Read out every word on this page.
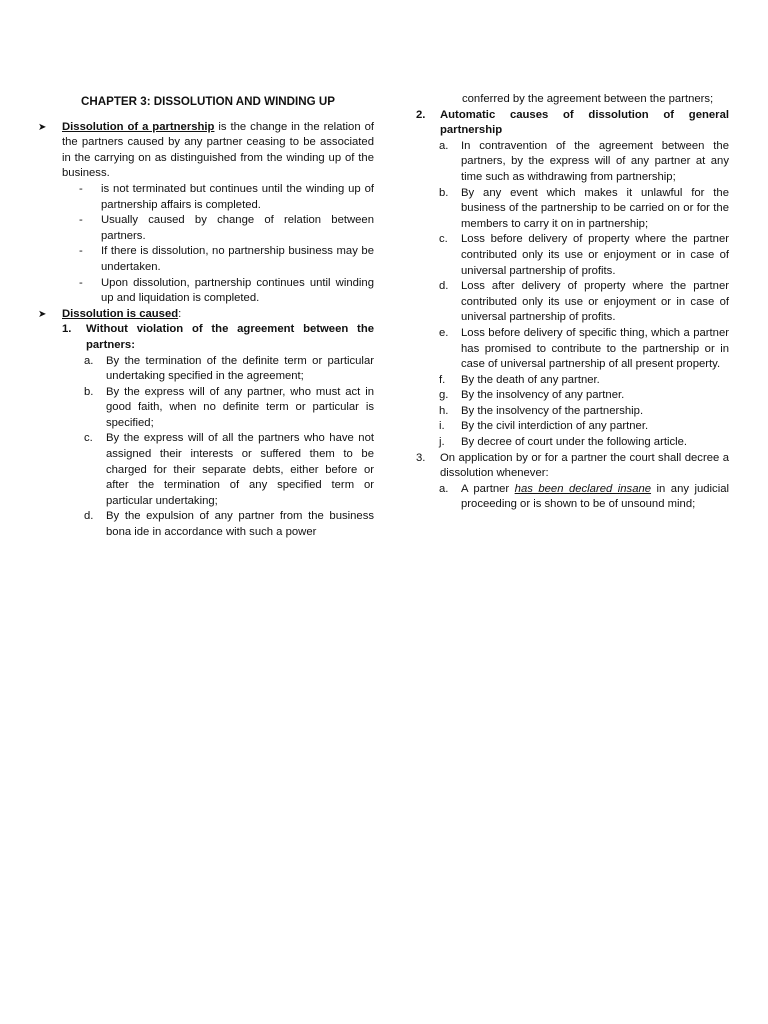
CHAPTER 3: DISSOLUTION AND WINDING UP
➤	Dissolution of a partnership is the change in the relation of the partners caused by any partner ceasing to be associated in the carrying on as distinguished from the winding up of the business.
-	is not terminated but continues until the winding up of partnership affairs is completed.
-	Usually caused by change of relation between partners.
-	If there is dissolution, no partnership business may be undertaken.
-	Upon dissolution, partnership continues until winding up and liquidation is completed.
➤	Dissolution is caused:
1.	Without violation of the agreement between the partners:
a.	By the termination of the definite term or particular undertaking specified in the agreement;
b.	By the express will of any partner, who must act in good faith, when no definite term or particular is specified;
c.	By the express will of all the partners who have not assigned their interests or suffered them to be charged for their separate debts, either before or after the termination of any specified term or particular undertaking;
d.	By the expulsion of any partner from the business bona ide in accordance with such a power
conferred by the agreement between the partners;
2.	Automatic causes of dissolution of general partnership
a.	In contravention of the agreement between the partners, by the express will of any partner at any time such as withdrawing from partnership;
b.	By any event which makes it unlawful for the business of the partnership to be carried on or for the members to carry it on in partnership;
c.	Loss before delivery of property where the partner contributed only its use or enjoyment or in case of universal partnership of profits.
d.	Loss after delivery of property where the partner contributed only its use or enjoyment or in case of universal partnership of profits.
e.	Loss before delivery of specific thing, which a partner has promised to contribute to the partnership or in case of universal partnership of all present property.
f.	By the death of any partner.
g.	By the insolvency of any partner.
h.	By the insolvency of the partnership.
i.	By the civil interdiction of any partner.
j.	By decree of court under the following article.
3.	On application by or for a partner the court shall decree a dissolution whenever:
a.	A partner has been declared insane in any judicial proceeding or is shown to be of unsound mind;
